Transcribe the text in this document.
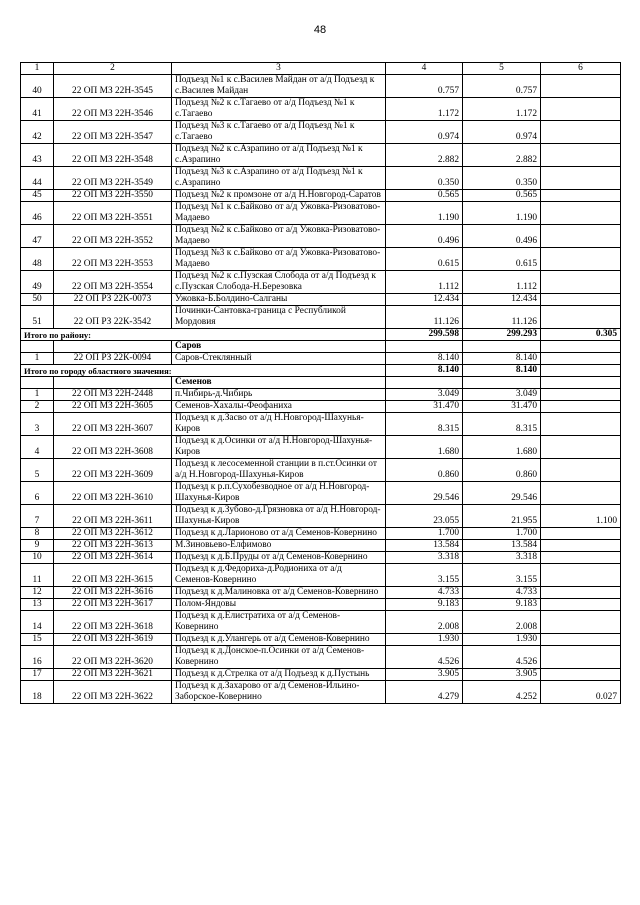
48
1	2	3	4	5	6
40	22 ОП МЗ 22Н-3545	Подъезд №1 к с.Василев Майдан от а/д Подъезд к с.Василев Майдан	0.757	0.757	
41	22 ОП МЗ 22Н-3546	Подъезд №2 к с.Тагаево от а/д Подъезд №1 к с.Тагаево	1.172	1.172	
42	22 ОП МЗ 22Н-3547	Подъезд №3 к с.Тагаево от а/д Подъезд №1 к с.Тагаево	0.974	0.974	
43	22 ОП МЗ 22Н-3548	Подъезд №2 к с.Азрапино от а/д Подъезд №1 к с.Азрапино	2.882	2.882	
44	22 ОП МЗ 22Н-3549	Подъезд №3 к с.Азрапино от а/д Подъезд №1 к с.Азрапино	0.350	0.350	
45	22 ОП МЗ 22Н-3550	Подъезд №2 к промзоне от а/д Н.Новгород-Саратов	0.565	0.565	
46	22 ОП МЗ 22Н-3551	Подъезд №1 к с.Байково от а/д Ужовка-Ризоватово-Мадаево	1.190	1.190	
47	22 ОП МЗ 22Н-3552	Подъезд №2 к с.Байково от а/д Ужовка-Ризоватово-Мадаево	0.496	0.496	
48	22 ОП МЗ 22Н-3553	Подъезд №3 к с.Байково от а/д Ужовка-Ризоватово-Мадаево	0.615	0.615	
49	22 ОП МЗ 22Н-3554	Подъезд №2 к с.Пузская Слобода от а/д Подъезд к с.Пузская Слобода-Н.Березовка	1.112	1.112	
50	22 ОП РЗ 22К-0073	Ужовка-Б.Болдино-Салганы	12.434	12.434	
51	22 ОП РЗ 22К-3542	Починки-Сантовка-граница с Республикой Мордовия	11.126	11.126	
Итого по району:			299.598	299.293	0.305
		Саров			
1	22 ОП РЗ 22К-0094	Саров-Стеклянный	8.140	8.140	
Итого по городу областного значения:			8.140	8.140	
		Семенов			
1	22 ОП МЗ 22Н-2448	п.Чибирь-д.Чибирь	3.049	3.049	
2	22 ОП МЗ 22Н-3605	Семенов-Хахалы-Феофаниха	31.470	31.470	
3	22 ОП МЗ 22Н-3607	Подъезд к д.Засво от а/д Н.Новгород-Шахунья-Киров	8.315	8.315	
4	22 ОП МЗ 22Н-3608	Подъезд к д.Осинки от а/д Н.Новгород-Шахунья-Киров	1.680	1.680	
5	22 ОП МЗ 22Н-3609	Подъезд к лесосеменной станции в п.ст.Осинки от а/д Н.Новгород-Шахунья-Киров	0.860	0.860	
6	22 ОП МЗ 22Н-3610	Подъезд к р.п.Сухобезводное от а/д Н.Новгород-Шахунья-Киров	29.546	29.546	
7	22 ОП МЗ 22Н-3611	Подъезд к д.Зубово-д.Грязновка от а/д Н.Новгород-Шахунья-Киров	23.055	21.955	1.100
8	22 ОП МЗ 22Н-3612	Подъезд к д.Ларионово от а/д Семенов-Ковернино	1.700	1.700	
9	22 ОП МЗ 22Н-3613	М.Зиновьево-Елфимово	13.584	13.584	
10	22 ОП МЗ 22Н-3614	Подъезд к д.Б.Пруды от а/д Семенов-Ковернино	3.318	3.318	
11	22 ОП МЗ 22Н-3615	Подъезд к д.Федориха-д.Родиониха от а/д Семенов-Ковернино	3.155	3.155	
12	22 ОП МЗ 22Н-3616	Подъезд к д.Малиновка от а/д Семенов-Ковернино	4.733	4.733	
13	22 ОП МЗ 22Н-3617	Полом-Яндовы	9.183	9.183	
14	22 ОП МЗ 22Н-3618	Подъезд к д.Елистратиха от а/д Семенов-Ковернино	2.008	2.008	
15	22 ОП МЗ 22Н-3619	Подъезд к д.Улангерь от а/д Семенов-Ковернино	1.930	1.930	
16	22 ОП МЗ 22Н-3620	Подъезд к д.Донское-п.Осинки от а/д Семенов-Ковернино	4.526	4.526	
17	22 ОП МЗ 22Н-3621	Подъезд к д.Стрелка от а/д Подъезд к д.Пустынь	3.905	3.905	
18	22 ОП МЗ 22Н-3622	Подъезд к д.Захарово от а/д Семенов-Ильино-Заборское-Ковернино	4.279	4.252	0.027
